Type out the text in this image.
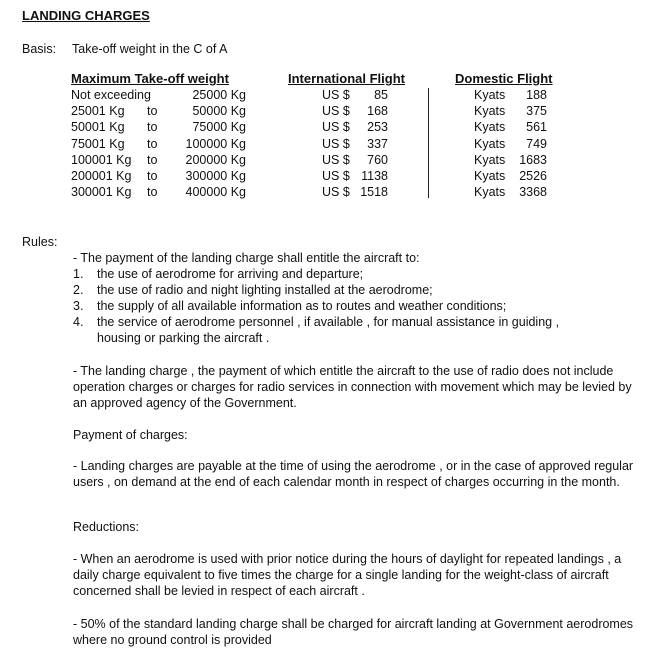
LANDING CHARGES
Basis: Take-off weight in the C of A
Maximum Take-off weight	International Flight	Domestic Flight
Not exceeding	25000 Kg	US $ 85	Kyats 188
25001 Kg to	50000 Kg	US $ 168	Kyats 375
50001 Kg to	75000 Kg	US $ 253	Kyats 561
75001 Kg to 100000 Kg	US $ 337	Kyats 749
100001 Kg to 200000 Kg	US $ 760	Kyats 1683
200001 Kg to 300000 Kg	US $ 1138	Kyats 2526
300001 Kg to 400000 Kg	US $ 1518	Kyats 3368
Rules:
- The payment of the landing charge shall entitle the aircraft to:
1. the use of aerodrome for arriving and departure;
2. the use of radio and night lighting installed at the aerodrome;
3. the supply of all available information as to routes and weather conditions;
4. the service of aerodrome personnel , if available , for manual assistance in guiding ,
housing or parking the aircraft .
- The landing charge , the payment of which entitle the aircraft to the use of radio does not include operation charges or charges for radio services in connection with movement which may be levied by an approved agency of the Government.
Payment of charges:
- Landing charges are payable at the time of using the aerodrome , or in the case of approved regular users , on demand at the end of each calendar month in respect of charges occurring in the month.
Reductions:
- When an aerodrome is used with prior notice during the hours of daylight for repeated landings , a daily charge equivalent to five times the charge for a single landing for the weight-class of aircraft concerned shall be levied in respect of each aircraft .
- 50% of the standard landing charge shall be charged for aircraft landing at Government aerodromes where no ground control is provided
